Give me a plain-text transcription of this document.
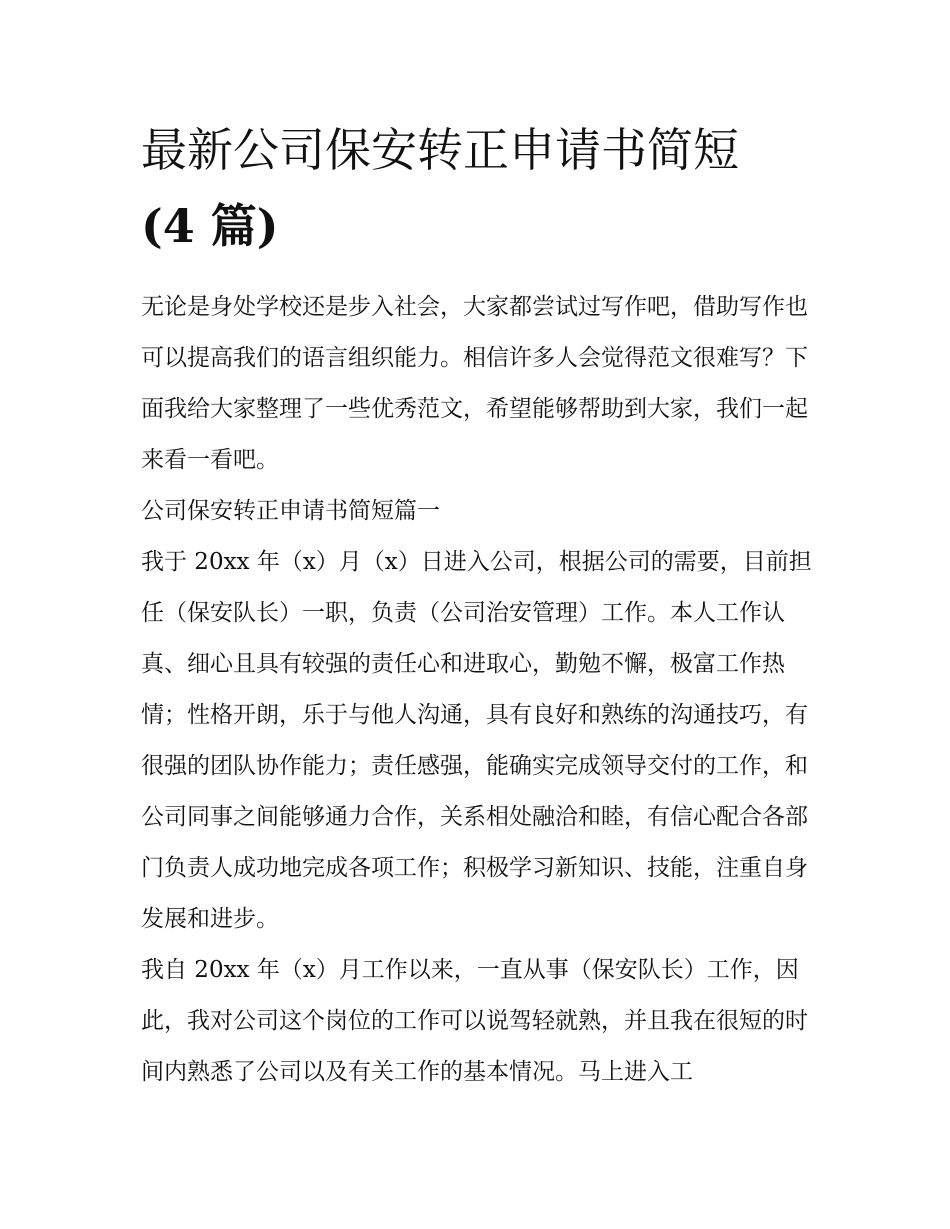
最新公司保安转正申请书简短
(4 篇)

无论是身处学校还是步入社会，大家都尝试过写作吧，借助写作也可以提高我们的语言组织能力。相信许多人会觉得范文很难写？下面我给大家整理了一些优秀范文，希望能够帮助到大家，我们一起来看一看吧。

公司保安转正申请书简短篇一

我于 20xx 年（x）月（x）日进入公司，根据公司的需要，目前担任（保安队长）一职，负责（公司治安管理）工作。本人工作认真、细心且具有较强的责任心和进取心，勤勉不懈，极富工作热情；性格开朗，乐于与他人沟通，具有良好和熟练的沟通技巧，有很强的团队协作能力；责任感强，能确实完成领导交付的工作，和公司同事之间能够通力合作，关系相处融洽和睦，有信心配合各部门负责人成功地完成各项工作；积极学习新知识、技能，注重自身发展和进步。

我自 20xx 年（x）月工作以来，一直从事（保安队长）工作，因此，我对公司这个岗位的工作可以说驾轻就熟，并且我在很短的时间内熟悉了公司以及有关工作的基本情况。马上进入工
